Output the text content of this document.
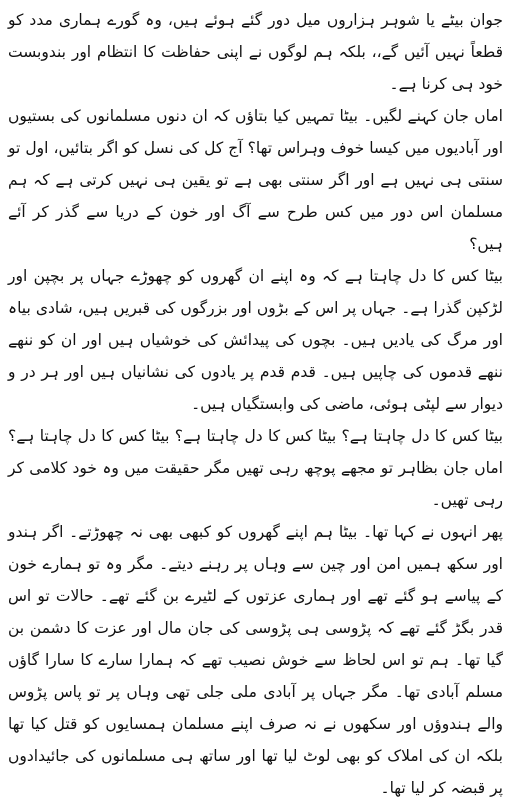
جوان بیٹے یا شوہر ہزاروں میل دور گئے ہوئے ہیں، وہ گورے ہماری مدد کو قطعاً نہیں آئیں گے،، بلکہ ہم لوگوں نے اپنی حفاظت کا انتظام اور بندوبست خود ہی کرنا ہے۔

اماں جان کہنے لگیں۔ بیٹا تمہیں کیا بتاؤں کہ ان دنوں مسلمانوں کی بستیوں اور آبادیوں میں کیسا خوف وہراس تھا؟ آج کل کی نسل کو اگر بتائیں، اول تو سنتی ہی نہیں ہے اور اگر سنتی بھی ہے تو یقین ہی نہیں کرتی ہے کہ ہم مسلمان اس دور میں کس طرح سے آگ اور خون کے دریا سے گذر کر آئے ہیں؟

بیٹا کس کا دل چاہتا ہے کہ وہ اپنے ان گھروں کو چھوڑے جہاں پر بچپن اور لڑکپن گذرا ہے۔ جہاں پر اس کے بڑوں اور بزرگوں کی قبریں ہیں، شادی بیاہ اور مرگ کی یادیں ہیں۔ بچوں کی پیدائش کی خوشیاں ہیں اور ان کو ننھے ننھے قدموں کی چاپیں ہیں۔ قدم قدم پر یادوں کی نشانیاں ہیں اور ہر در و دیوار سے لپٹی ہوئی، ماضی کی وابستگیاں ہیں۔

بیٹا کس کا دل چاہتا ہے؟ بیٹا کس کا دل چاہتا ہے؟ بیٹا کس کا دل چاہتا ہے؟ اماں جان بظاہر تو مجھے پوچھ رہی تھیں مگر حقیقت میں وہ خود کلامی کر رہی تھیں۔

پھر انہوں نے کہا تھا۔ بیٹا ہم اپنے گھروں کو کبھی بھی نہ چھوڑتے۔ اگر ہندو اور سکھ ہمیں امن اور چین سے وہاں پر رہنے دیتے۔ مگر وہ تو ہمارے خون کے پیاسے ہو گئے تھے اور ہماری عزتوں کے لٹیرے بن گئے تھے۔ حالات تو اس قدر بگڑ گئے تھے کہ پڑوسی ہی پڑوسی کی جان مال اور عزت کا دشمن بن گیا تھا۔ ہم تو اس لحاظ سے خوش نصیب تھے کہ ہمارا سارے کا سارا گاؤں مسلم آبادی تھا۔ مگر جہاں پر آبادی ملی جلی تھی وہاں پر تو پاس پڑوس والے ہندوؤں اور سکھوں نے نہ صرف اپنے مسلمان ہمسایوں کو قتل کیا تھا بلکہ ان کی املاک کو بھی لوٹ لیا تھا اور ساتھ ہی مسلمانوں کی جائیدادوں پر قبضہ کر لیا تھا۔
